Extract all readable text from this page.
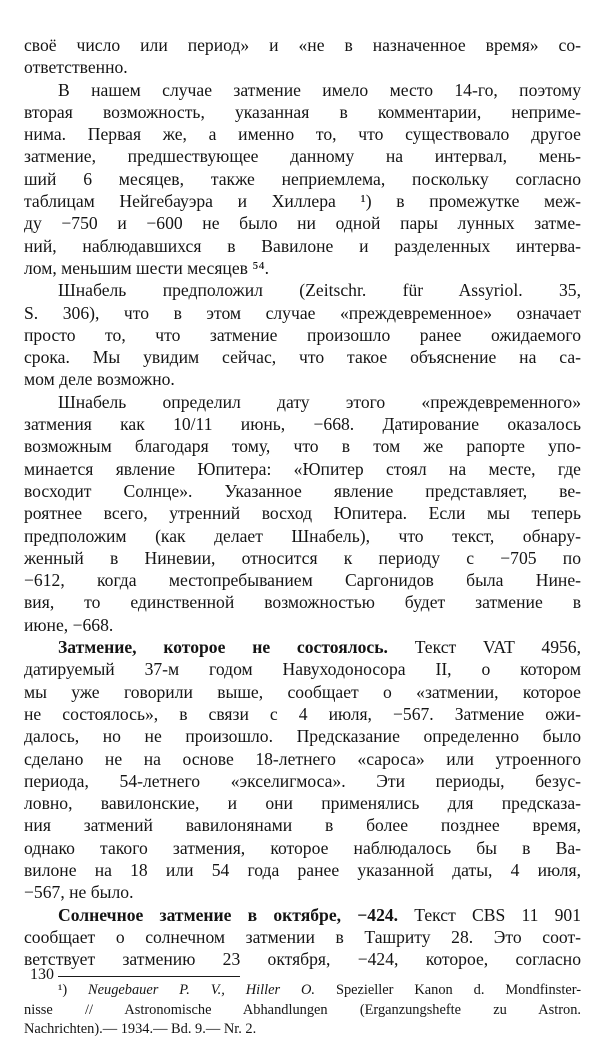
своё число или период» и «не в назначенное время» со-
ответственно.
В нашем случае затмение имело место 14-го, поэтому
вторая возможность, указанная в комментарии, неприме-
нима. Первая же, а именно то, что существовало другое
затмение, предшествующее данному на интервал, мень-
ший 6 месяцев, также неприемлема, поскольку согласно
таблицам Нейгебауэра и Хиллера ¹) в промежутке меж-
ду −750 и −600 не было ни одной пары лунных затме-
ний, наблюдавшихся в Вавилоне и разделенных интерва-
лом, меньшим шести месяцев ⁵⁴.
Шнабель предположил (Zeitschr. für Assyriol. 35,
S. 306), что в этом случае «преждевременное» означает
просто то, что затмение произошло ранее ожидаемого
срока. Мы увидим сейчас, что такое объяснение на са-
мом деле возможно.
Шнабель определил дату этого «преждевременного»
затмения как 10/11 июнь, −668. Датирование оказалось
возможным благодаря тому, что в том же рапорте упо-
минается явление Юпитера: «Юпитер стоял на месте, где
восходит Солнце». Указанное явление представляет, ве-
роятнее всего, утренний восход Юпитера. Если мы теперь
предположим (как делает Шнабель), что текст, обнару-
женный в Ниневии, относится к периоду с −705 по
−612, когда местопребыванием Саргонидов была Нине-
вия, то единственной возможностью будет затмение в
июне, −668.
Затмение, которое не состоялось. Текст VAT 4956,
датируемый 37-м годом Навуходоносора II, о котором
мы уже говорили выше, сообщает о «затмении, которое
не состоялось», в связи с 4 июля, −567. Затмение ожи-
далось, но не произошло. Предсказание определенно было
сделано не на основе 18-летнего «сароса» или утроенного
периода, 54-летнего «экселигмоса». Эти периоды, безус-
ловно, вавилонские, и они применялись для предсказа-
ния затмений вавилонянами в более позднее время,
однако такого затмения, которое наблюдалось бы в Ва-
вилоне на 18 или 54 года ранее указанной даты, 4 июля,
−567, не было.
Солнечное затмение в октябре, −424. Текст CBS 11 901
сообщает о солнечном затмении в Ташриту 28. Это соот-
ветствует затмению 23 октября, −424, которое, согласно
¹) Neugebauer P. V., Hiller O. Spezieller Kanon d. Mondfinster-
nisse // Astronomische Abhandlungen (Erganzungshefte zu Astron.
Nachrichten).— 1934.— Bd. 9.— Nr. 2.
130
